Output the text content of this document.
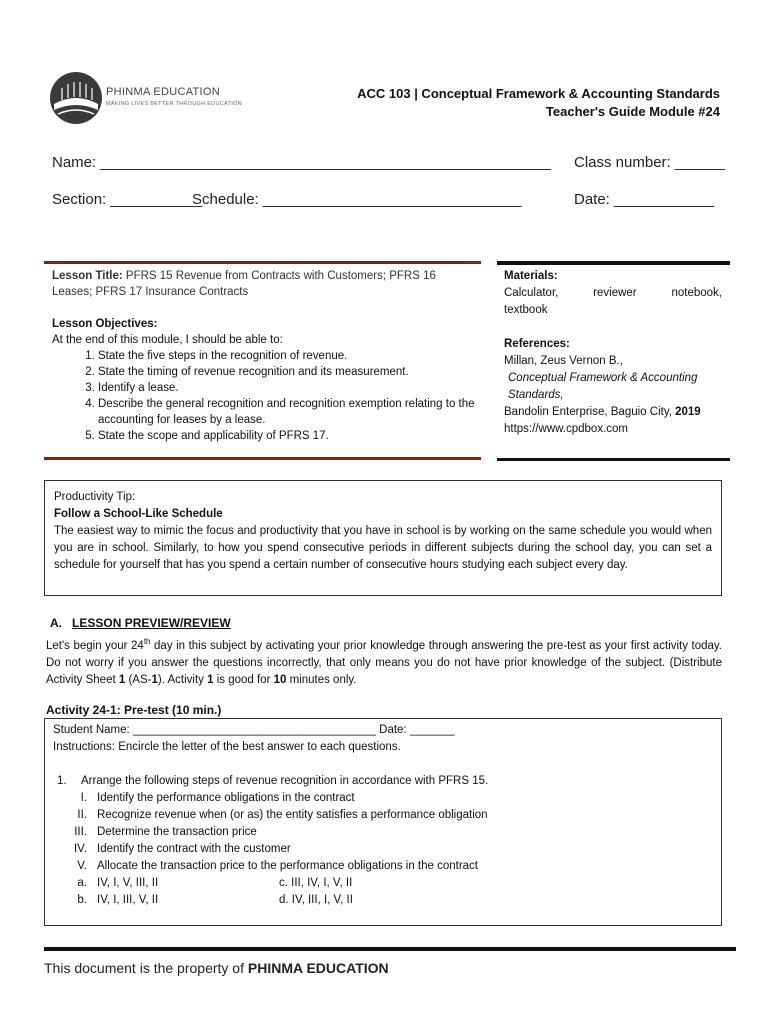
PHINMA EDUCATION
MAKING LIVES BETTER THROUGH EDUCATION
ACC 103 | Conceptual Framework & Accounting Standards
Teacher's Guide Module #24
Name: ______________________________________________________ Class number: ______
Section: ___________
Schedule: _______________________________	Date: ____________
Lesson Title: PFRS 15 Revenue from Contracts with Customers; PFRS 16 Leases; PFRS 17 Insurance Contracts
Lesson Objectives:
At the end of this module, I should be able to:
1. State the five steps in the recognition of revenue.
2. State the timing of revenue recognition and its measurement.
3. Identify a lease.
4. Describe the general recognition and recognition exemption relating to the accounting for leases by a lease.
5. State the scope and applicability of PFRS 17.
Materials:
Calculator,	reviewer	notebook,
textbook
References:
Millan, Zeus Vernon B.,
Conceptual Framework & Accounting Standards,
Bandolin Enterprise, Baguio City, 2019
https://www.cpdbox.com
Productivity Tip:
Follow a School-Like Schedule
The easiest way to mimic the focus and productivity that you have in school is by working on the same schedule you would when you are in school. Similarly, to how you spend consecutive periods in different subjects during the school day, you can set a schedule for yourself that has you spend a certain number of consecutive hours studying each subject every day.
A. LESSON PREVIEW/REVIEW
Let's begin your 24th day in this subject by activating your prior knowledge through answering the pre-test as your first activity today. Do not worry if you answer the questions incorrectly, that only means you do not have prior knowledge of the subject. (Distribute Activity Sheet 1 (AS-1). Activity 1 is good for 10 minutes only.
Activity 24-1: Pre-test (10 min.)
Student Name: ______________________________________ Date: _______
Instructions: Encircle the letter of the best answer to each questions.
1. Arrange the following steps of revenue recognition in accordance with PFRS 15.
I. Identify the performance obligations in the contract
II. Recognize revenue when (or as) the entity satisfies a performance obligation
III. Determine the transaction price
IV. Identify the contract with the customer
V. Allocate the transaction price to the performance obligations in the contract
a. IV, I, V, III, II	c. III, IV, I, V, II
b. IV, I, III, V, II	d. IV, III, I, V, II
This document is the property of PHINMA EDUCATION
